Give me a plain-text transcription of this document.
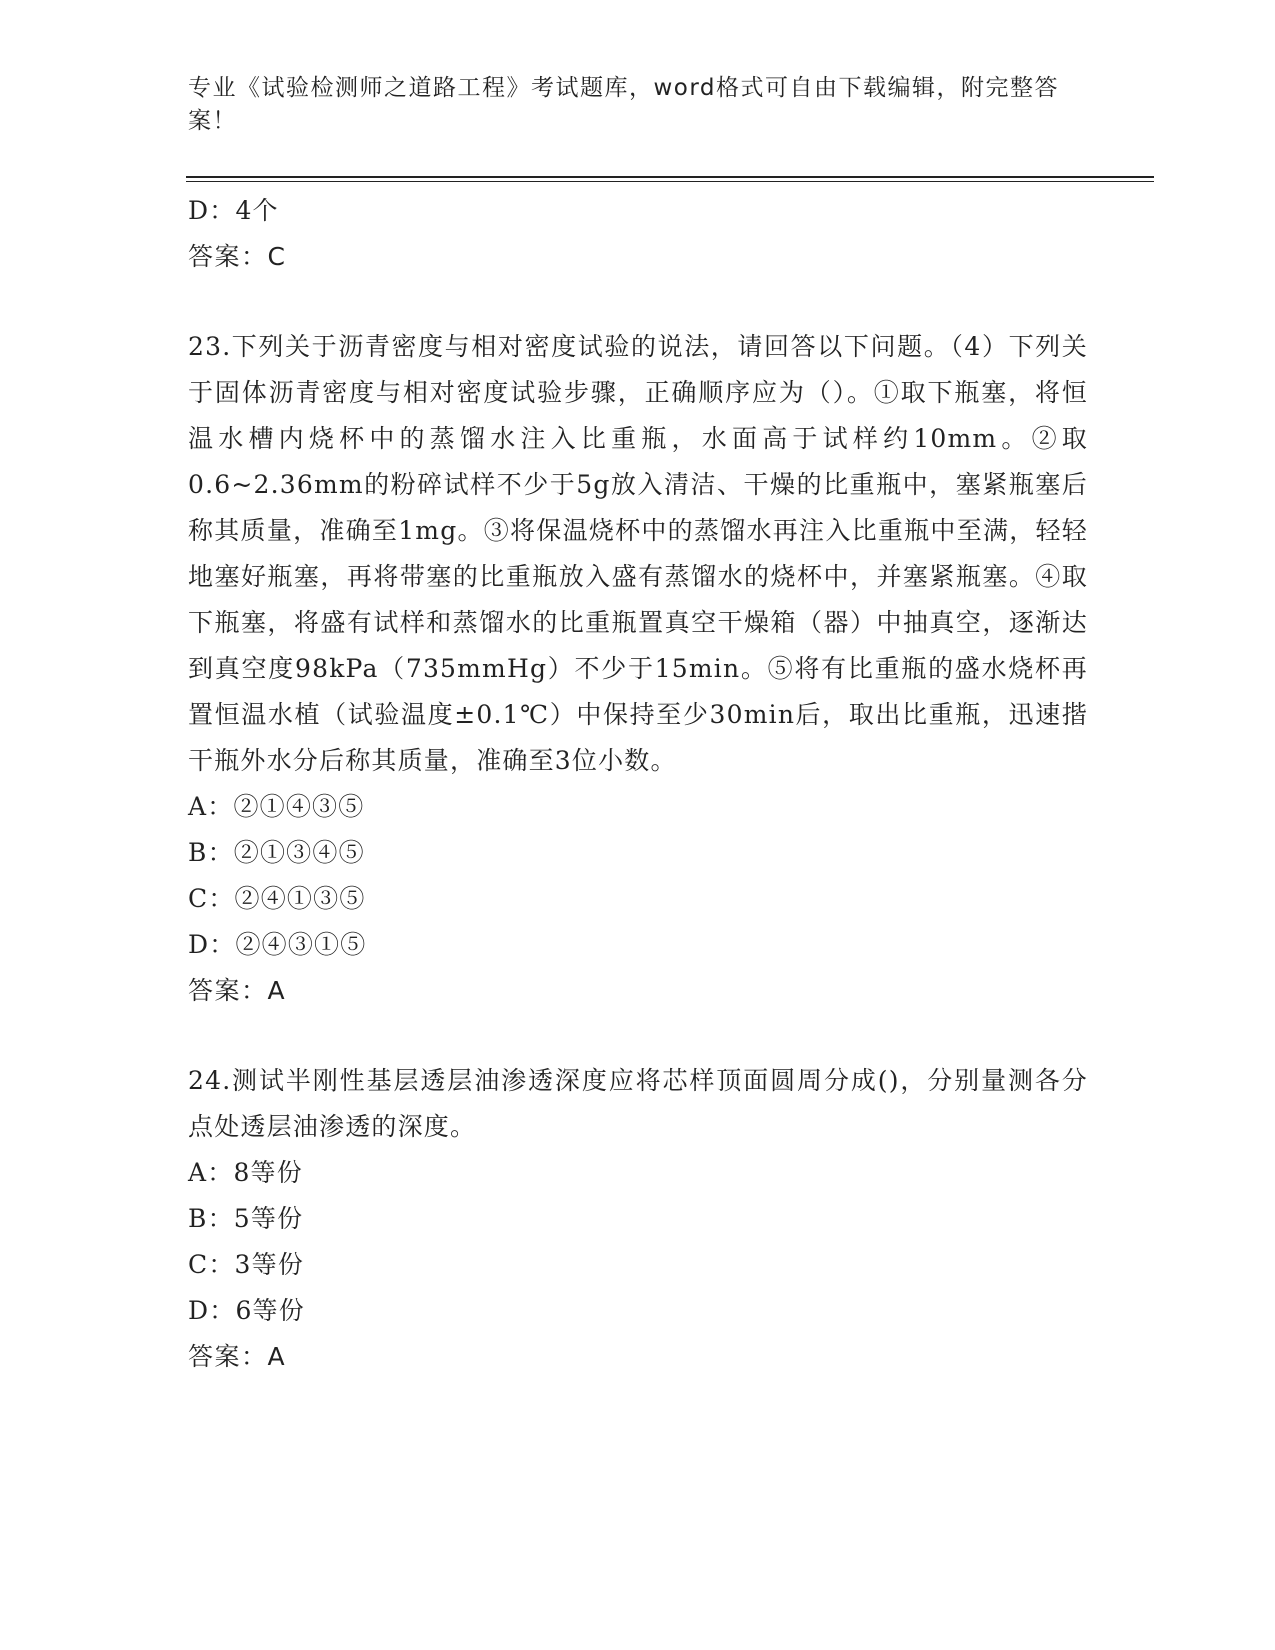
专业《试验检测师之道路工程》考试题库，word格式可自由下载编辑，附完整答案！
D：4个
答案：C
23.下列关于沥青密度与相对密度试验的说法，请回答以下问题。（4）下列关于固体沥青密度与相对密度试验步骤，正确顺序应为（）。①取下瓶塞，将恒温水槽内烧杯中的蒸馏水注入比重瓶，水面高于试样约10mm。②取0.6~2.36mm的粉碎试样不少于5g放入清洁、干燥的比重瓶中，塞紧瓶塞后称其质量，准确至1mg。③将保温烧杯中的蒸馏水再注入比重瓶中至满，轻轻地塞好瓶塞，再将带塞的比重瓶放入盛有蒸馏水的烧杯中，并塞紧瓶塞。④取下瓶塞，将盛有试样和蒸馏水的比重瓶置真空干燥箱（器）中抽真空，逐渐达到真空度98kPa（735mmHg）不少于15min。⑤将有比重瓶的盛水烧杯再置恒温水植（试验温度±0.1℃）中保持至少30min后，取出比重瓶，迅速揩干瓶外水分后称其质量，准确至3位小数。
A：②①④③⑤
B：②①③④⑤
C：②④①③⑤
D：②④③①⑤
答案：A
24.测试半刚性基层透层油渗透深度应将芯样顶面圆周分成()，分别量测各分点处透层油渗透的深度。
A：8等份
B：5等份
C：3等份
D：6等份
答案：A
